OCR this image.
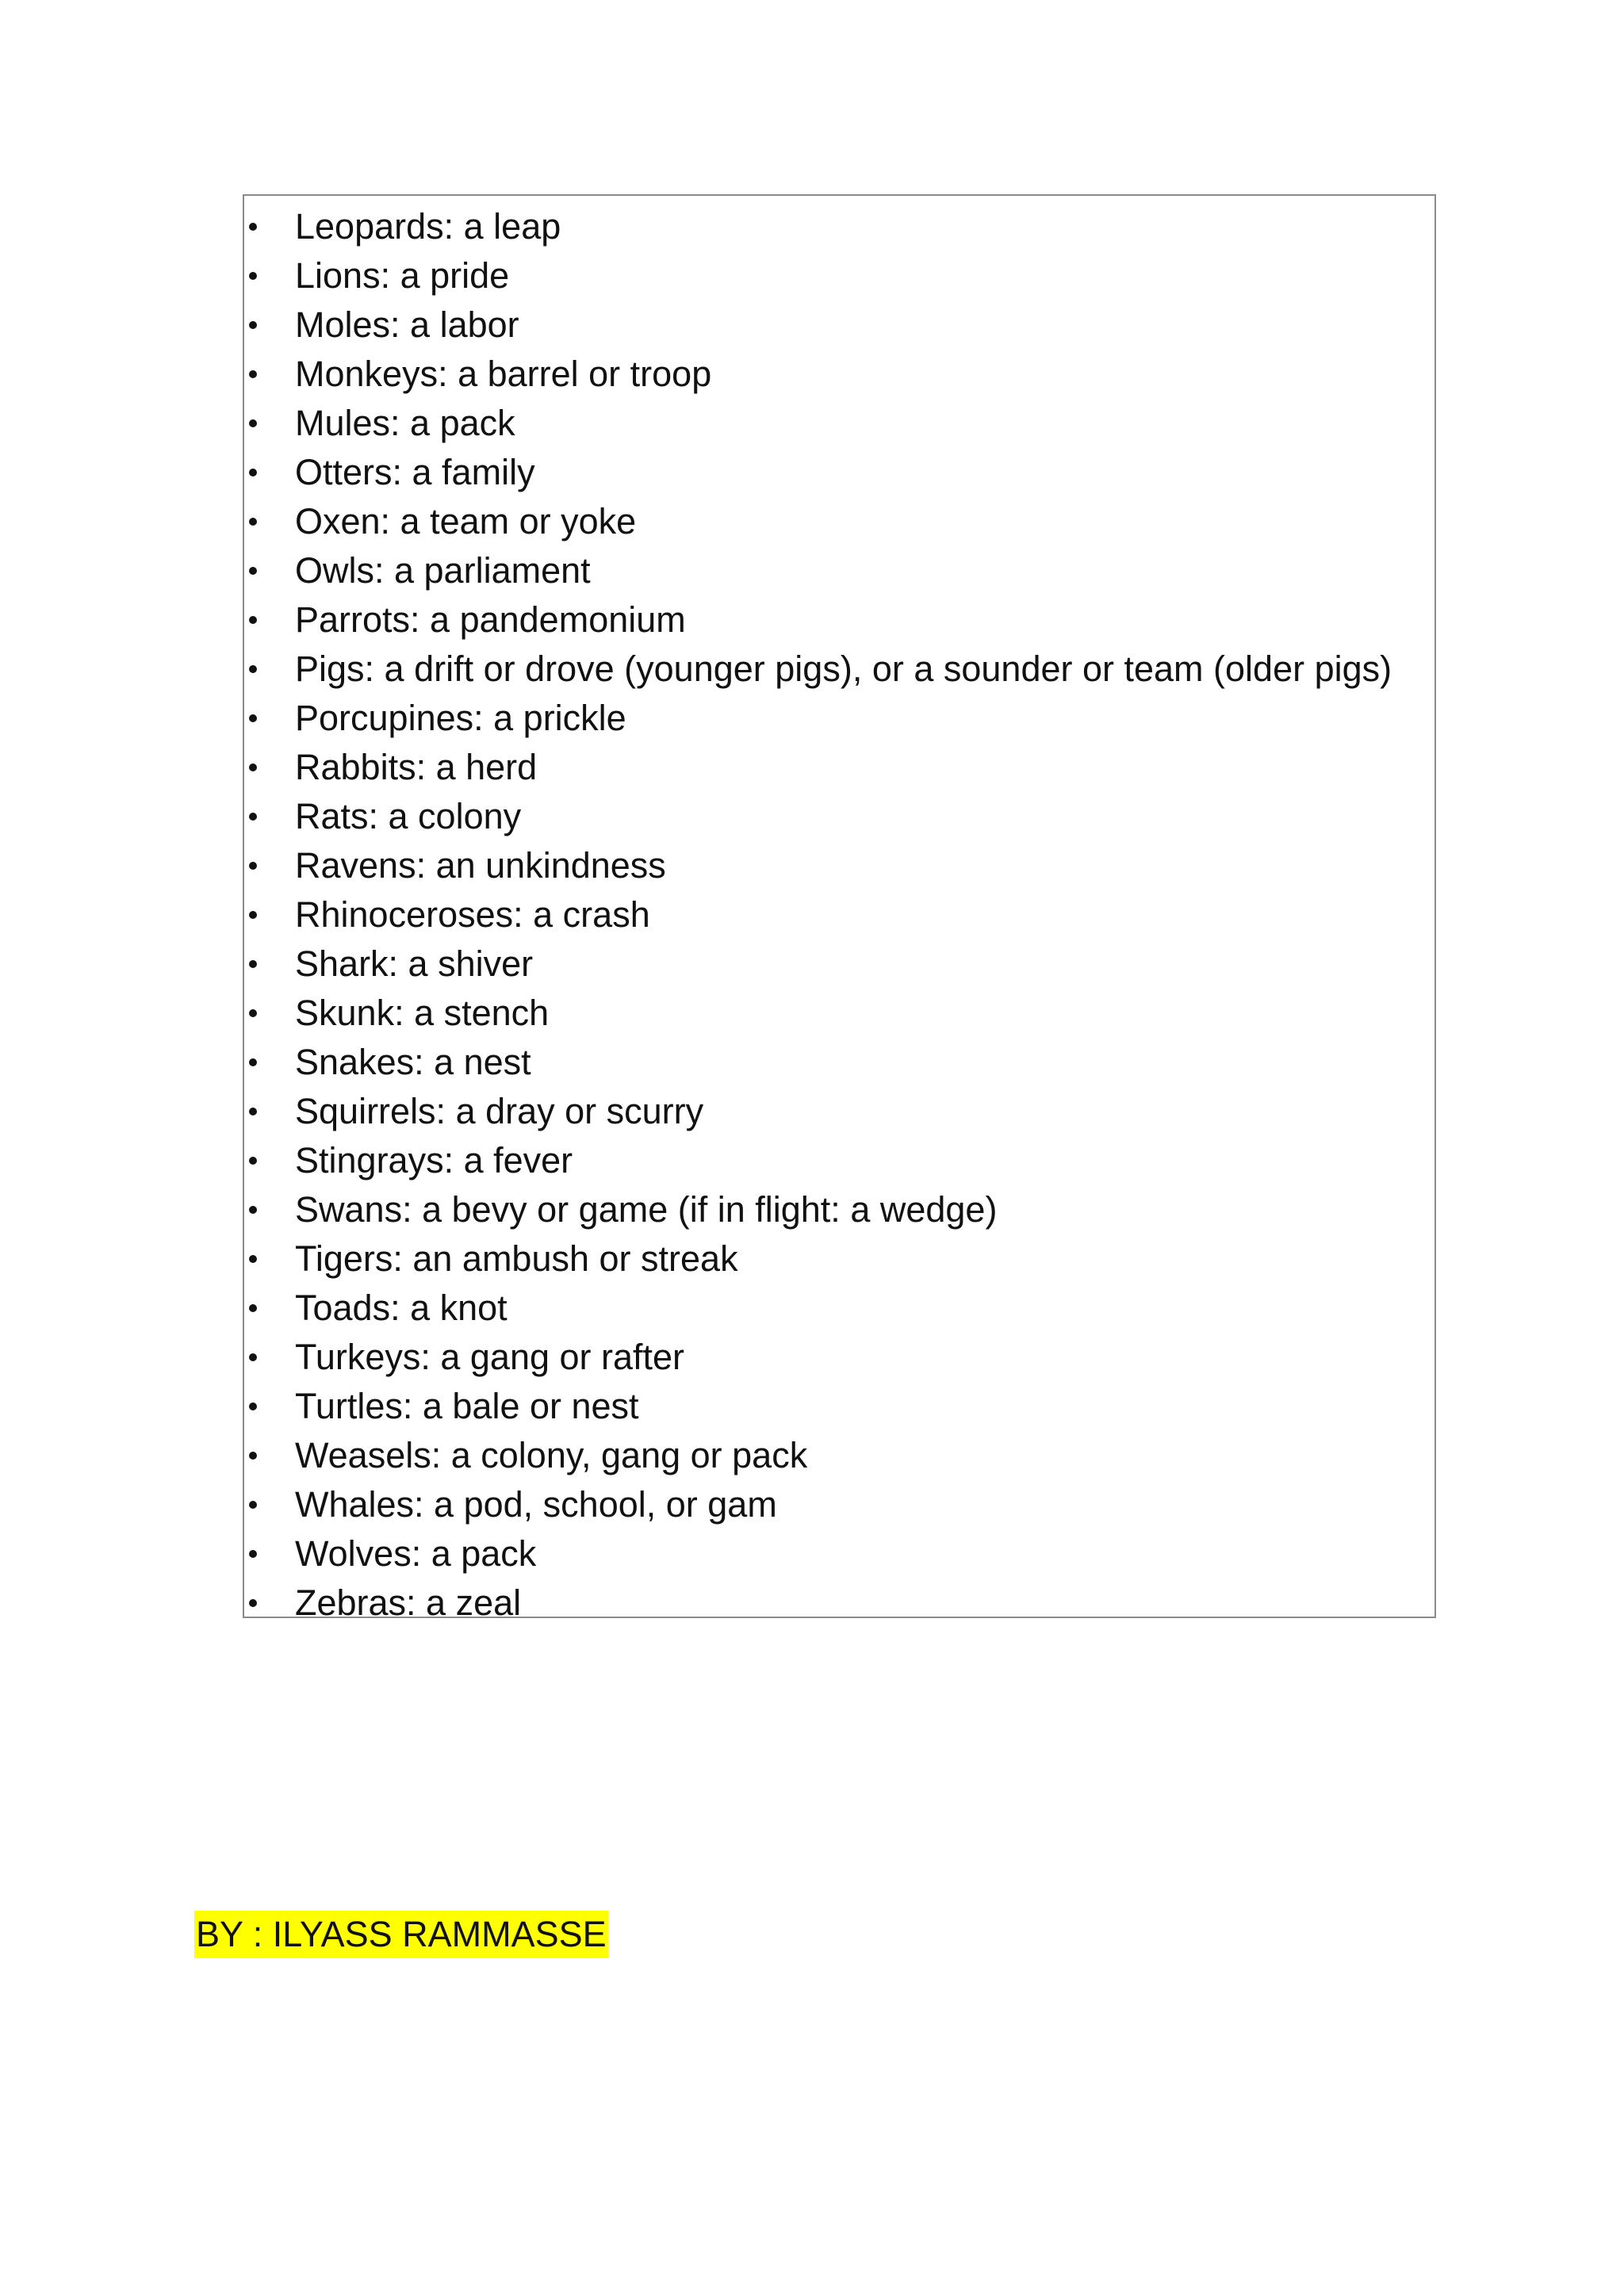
Leopards: a leap
Lions: a pride
Moles: a labor
Monkeys: a barrel or troop
Mules: a pack
Otters: a family
Oxen: a team or yoke
Owls: a parliament
Parrots: a pandemonium
Pigs: a drift or drove (younger pigs), or a sounder or team (older pigs)
Porcupines: a prickle
Rabbits: a herd
Rats: a colony
Ravens: an unkindness
Rhinoceroses: a crash
Shark: a shiver
Skunk: a stench
Snakes: a nest
Squirrels: a dray or scurry
Stingrays: a fever
Swans: a bevy or game (if in flight: a wedge)
Tigers: an ambush or streak
Toads: a knot
Turkeys: a gang or rafter
Turtles: a bale or nest
Weasels: a colony, gang or pack
Whales: a pod, school, or gam
Wolves: a pack
Zebras: a zeal
BY : ILYASS RAMMASSE
